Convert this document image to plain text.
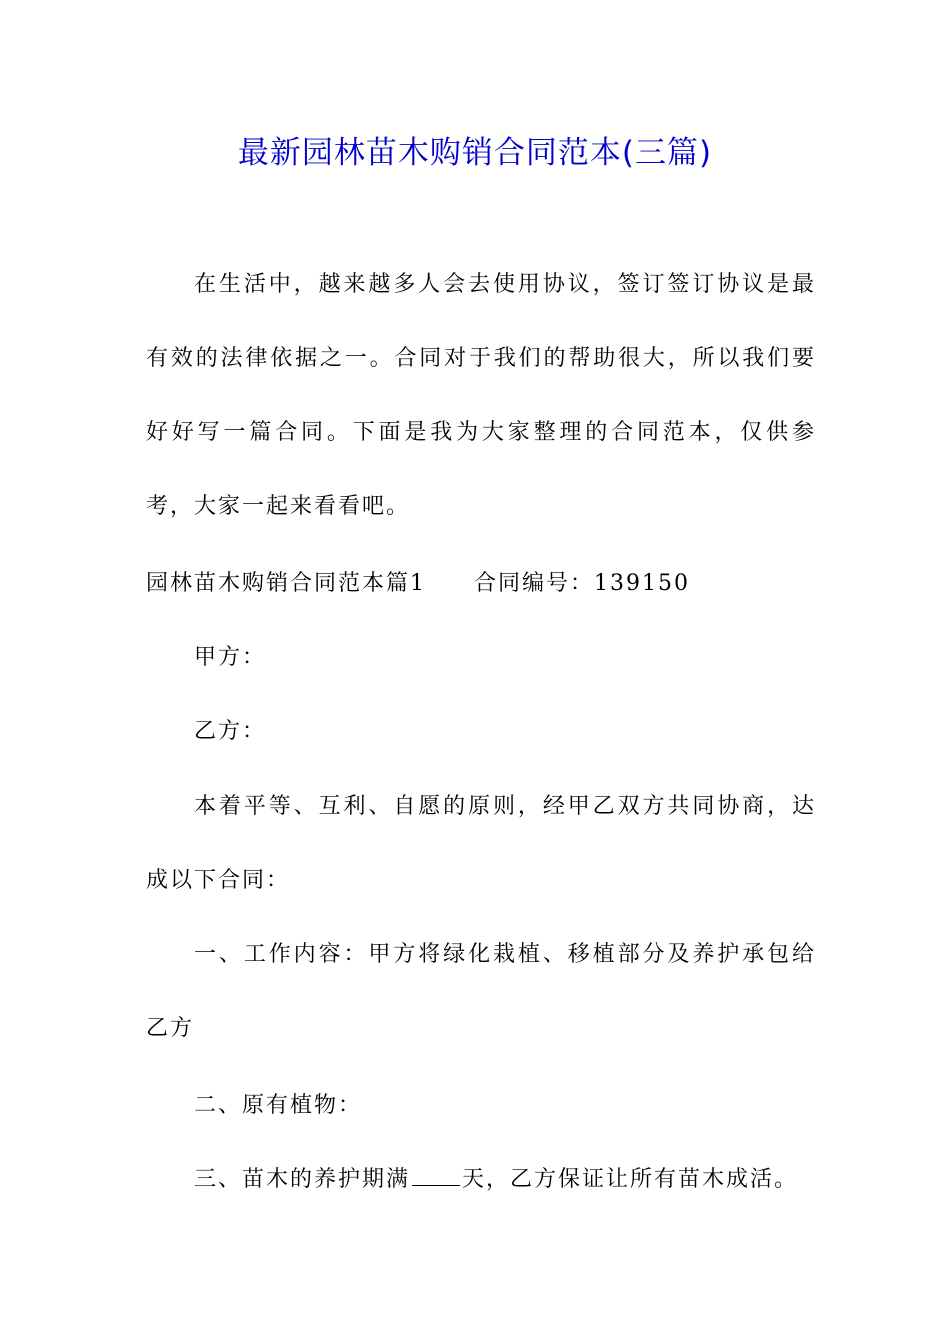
最新园林苗木购销合同范本(三篇)

在生活中，越来越多人会去使用协议，签订签订协议是最有效的法律依据之一。合同对于我们的帮助很大，所以我们要好好写一篇合同。下面是我为大家整理的合同范本，仅供参考，大家一起来看看吧。

园林苗木购销合同范本篇1 合同编号：139150
甲方：
乙方：

本着平等、互利、自愿的原则，经甲乙双方共同协商，达成以下合同：

一、工作内容：甲方将绿化栽植、移植部分及养护承包给乙方

二、原有植物：
三、苗木的养护期满 天，乙方保证让所有苗木成活。
